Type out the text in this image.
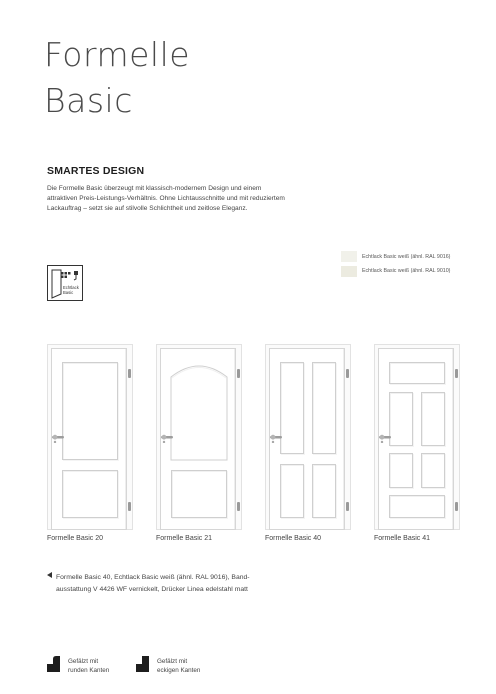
Formelle
Basic
SMARTES DESIGN
Die Formelle Basic überzeugt mit klassisch-modernem Design und einem attraktiven Preis-Leistungs-Verhältnis. Ohne Lichtausschnitte und mit reduziertem Lackauftrag – setzt sie auf stilvolle Schlichtheit und zeitlose Eleganz.
Echtlack Basic weiß (ähnl. RAL 9016)
Echtlack Basic weiß (ähnl. RAL 9010)
Echtlack
Basic
Formelle Basic 20	Formelle Basic 21	Formelle Basic 40	Formelle Basic 41
Formelle Basic 40, Echtlack Basic weiß (ähnl. RAL 9016), Band-
ausstattung V 4426 WF vernickelt, Drücker Linea edelstahl matt
Gefälzt mit
runden Kanten
Gefälzt mit
eckigen Kanten
